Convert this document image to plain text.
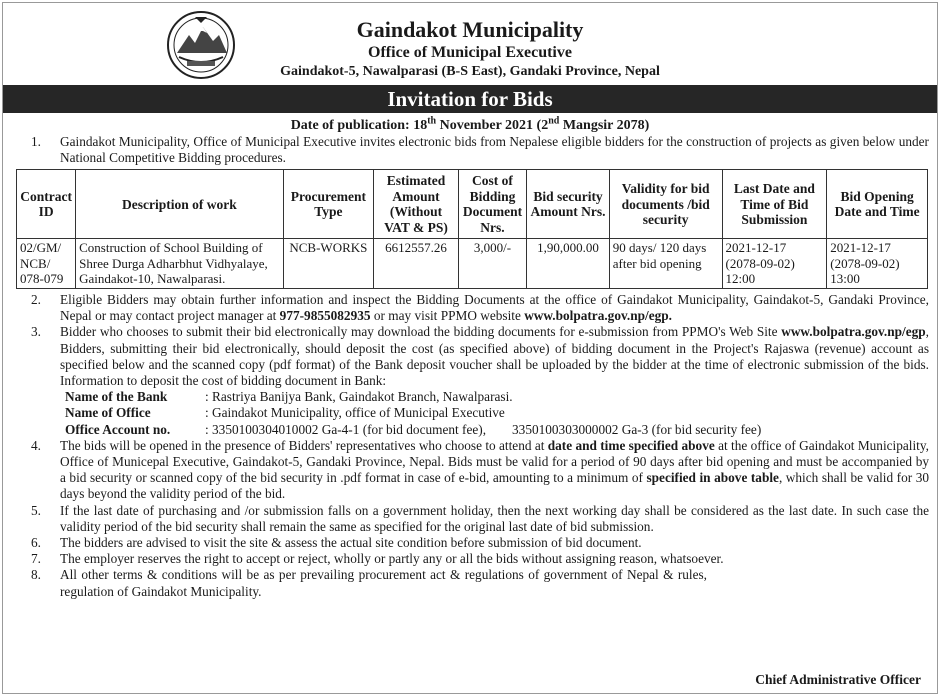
Gaindakot Municipality
Office of Municipal Executive
Gaindakot-5, Nawalparasi (B-S East), Gandaki Province, Nepal
Invitation for Bids
Date of publication: 18th November 2021 (2nd Mangsir 2078)
1. Gaindakot Municipality, Office of Municipal Executive invites electronic bids from Nepalese eligible bidders for the construction of projects as given below under National Competitive Bidding procedures.
Contract ID	Description of work	Procurement Type	Estimated Amount (Without VAT & PS)	Cost of Bidding Document Nrs.	Bid security Amount Nrs.	Validity for bid documents /bid security	Last Date and Time of Bid Submission	Bid Opening Date and Time
02/GM/ NCB/ 078-079	Construction of School Building of Shree Durga Adharbhut Vidhyalaye, Gaindakot-10, Nawalparasi.	NCB-WORKS	6612557.26	3,000/-	1,90,000.00	90 days/ 120 days after bid opening	2021-12-17 (2078-09-02) 12:00	2021-12-17 (2078-09-02) 13:00
2. Eligible Bidders may obtain further information and inspect the Bidding Documents at the office of Gaindakot Municipality, Gaindakot-5, Gandaki Province, Nepal or may contact project manager at 977-9855082935 or may visit PPMO website www.bolpatra.gov.np/egp.
3. Bidder who chooses to submit their bid electronically may download the bidding documents for e-submission from PPMO's Web Site www.bolpatra.gov.np/egp, Bidders, submitting their bid electronically, should deposit the cost (as specified above) of bidding document in the Project's Rajaswa (revenue) account as specified below and the scanned copy (pdf format) of the Bank deposit voucher shall be uploaded by the bidder at the time of electronic submission of the bids. Information to deposit the cost of bidding document in Bank:
Name of the Bank	: Rastriya Banijya Bank, Gaindakot Branch, Nawalparasi.
Name of Office	: Gaindakot Municipality, office of Municipal Executive
Office Account no.	: 3350100304010002 Ga-4-1 (for bid document fee), 3350100303000002 Ga-3 (for bid security fee)
4. The bids will be opened in the presence of Bidders' representatives who choose to attend at date and time specified above at the office of Gaindakot Municipality, Office of Municepal Executive, Gaindakot-5, Gandaki Province, Nepal. Bids must be valid for a period of 90 days after bid opening and must be accompanied by a bid security or scanned copy of the bid security in .pdf format in case of e-bid, amounting to a minimum of specified in above table, which shall be valid for 30 days beyond the validity period of the bid.
5. If the last date of purchasing and /or submission falls on a government holiday, then the next working day shall be considered as the last date. In such case the validity period of the bid security shall remain the same as specified for the original last date of bid submission.
6. The bidders are advised to visit the site & assess the actual site condition before submission of bid document.
7. The employer reserves the right to accept or reject, wholly or partly any or all the bids without assigning reason, whatsoever.
8. All other terms & conditions will be as per prevailing procurement act & regulations of government of Nepal & rules, regulation of Gaindakot Municipality.
Chief Administrative Officer
